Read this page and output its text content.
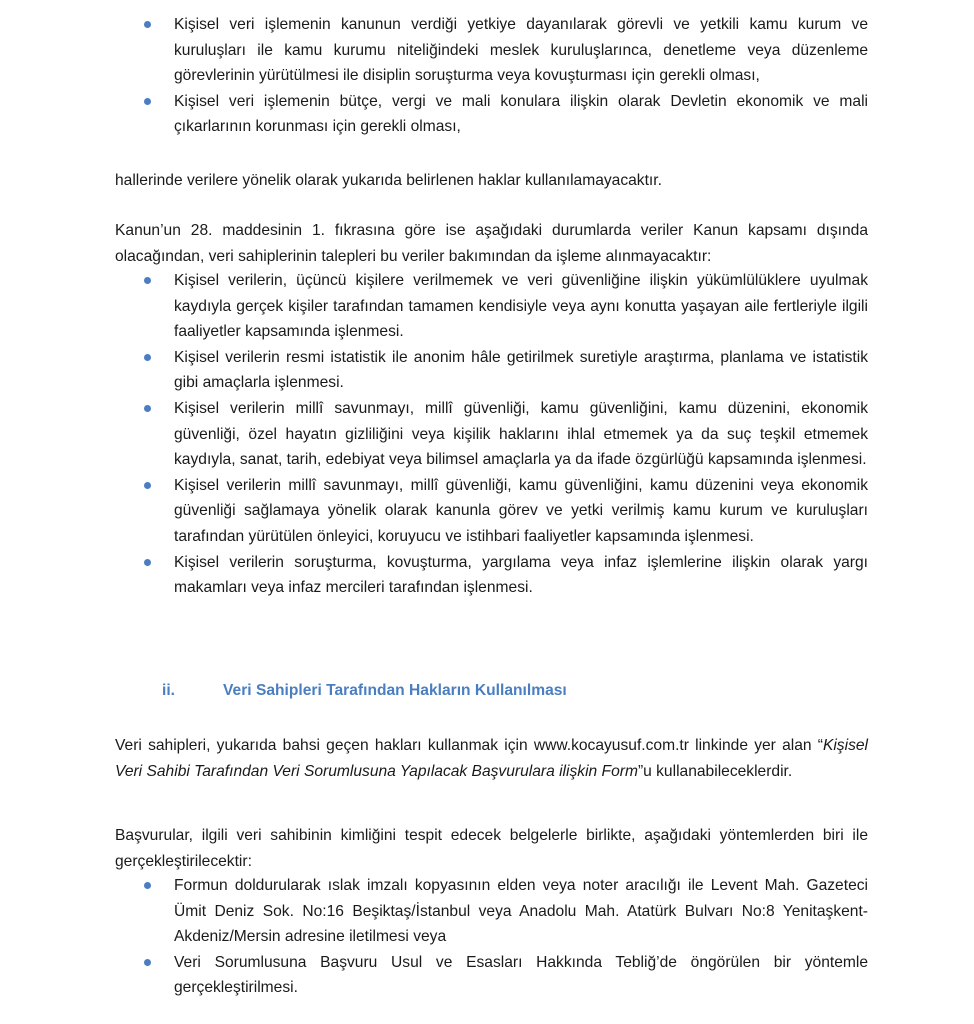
Kişisel veri işlemenin kanunun verdiği yetkiye dayanılarak görevli ve yetkili kamu kurum ve kuruluşları ile kamu kurumu niteliğindeki meslek kuruluşlarınca, denetleme veya düzenleme görevlerinin yürütülmesi ile disiplin soruşturma veya kovuşturması için gerekli olması,
Kişisel veri işlemenin bütçe, vergi ve mali konulara ilişkin olarak Devletin ekonomik ve mali çıkarlarının korunması için gerekli olması,

hallerinde verilere yönelik olarak yukarıda belirlenen haklar kullanılamayacaktır.

Kanun’un 28. maddesinin 1. fıkrasına göre ise aşağıdaki durumlarda veriler Kanun kapsamı dışında olacağından, veri sahiplerinin talepleri bu veriler bakımından da işleme alınmayacaktır:

Kişisel verilerin, üçüncü kişilere verilmemek ve veri güvenliğine ilişkin yükümlülüklere uyulmak kaydıyla gerçek kişiler tarafından tamamen kendisiyle veya aynı konutta yaşayan aile fertleriyle ilgili faaliyetler kapsamında işlenmesi.
Kişisel verilerin resmi istatistik ile anonim hâle getirilmek suretiyle araştırma, planlama ve istatistik gibi amaçlarla işlenmesi.
Kişisel verilerin millî savunmayı, millî güvenliği, kamu güvenliğini, kamu düzenini, ekonomik güvenliği, özel hayatın gizliliğini veya kişilik haklarını ihlal etmemek ya da suç teşkil etmemek kaydıyla, sanat, tarih, edebiyat veya bilimsel amaçlarla ya da ifade özgürlüğü kapsamında işlenmesi.
Kişisel verilerin millî savunmayı, millî güvenliği, kamu güvenliğini, kamu düzenini veya ekonomik güvenliği sağlamaya yönelik olarak kanunla görev ve yetki verilmiş kamu kurum ve kuruluşları tarafından yürütülen önleyici, koruyucu ve istihbari faaliyetler kapsamında işlenmesi.
Kişisel verilerin soruşturma, kovuşturma, yargılama veya infaz işlemlerine ilişkin olarak yargı makamları veya infaz mercileri tarafından işlenmesi.
ii.	Veri Sahipleri Tarafından Hakların Kullanılması

Veri sahipleri, yukarıda bahsi geçen hakları kullanmak için www.kocayusuf.com.tr linkinde yer alan “Kişisel Veri Sahibi Tarafından Veri Sorumlusuna Yapılacak Başvurulara ilişkin Form”u kullanabileceklerdir.

Başvurular, ilgili veri sahibinin kimliğini tespit edecek belgelerle birlikte, aşağıdaki yöntemlerden biri ile gerçekleştirilecektir:

Formun doldurularak ıslak imzalı kopyasının elden veya noter aracılığı ile Levent Mah. Gazeteci Ümit Deniz Sok. No:16 Beşiktaş/İstanbul veya Anadolu Mah. Atatürk Bulvarı No:8 Yenitaşkent-Akdeniz/Mersin adresine iletilmesi veya
Veri Sorumlusuna Başvuru Usul ve Esasları Hakkında Tebliğ’de öngörülen bir yöntemle gerçekleştirilmesi.
